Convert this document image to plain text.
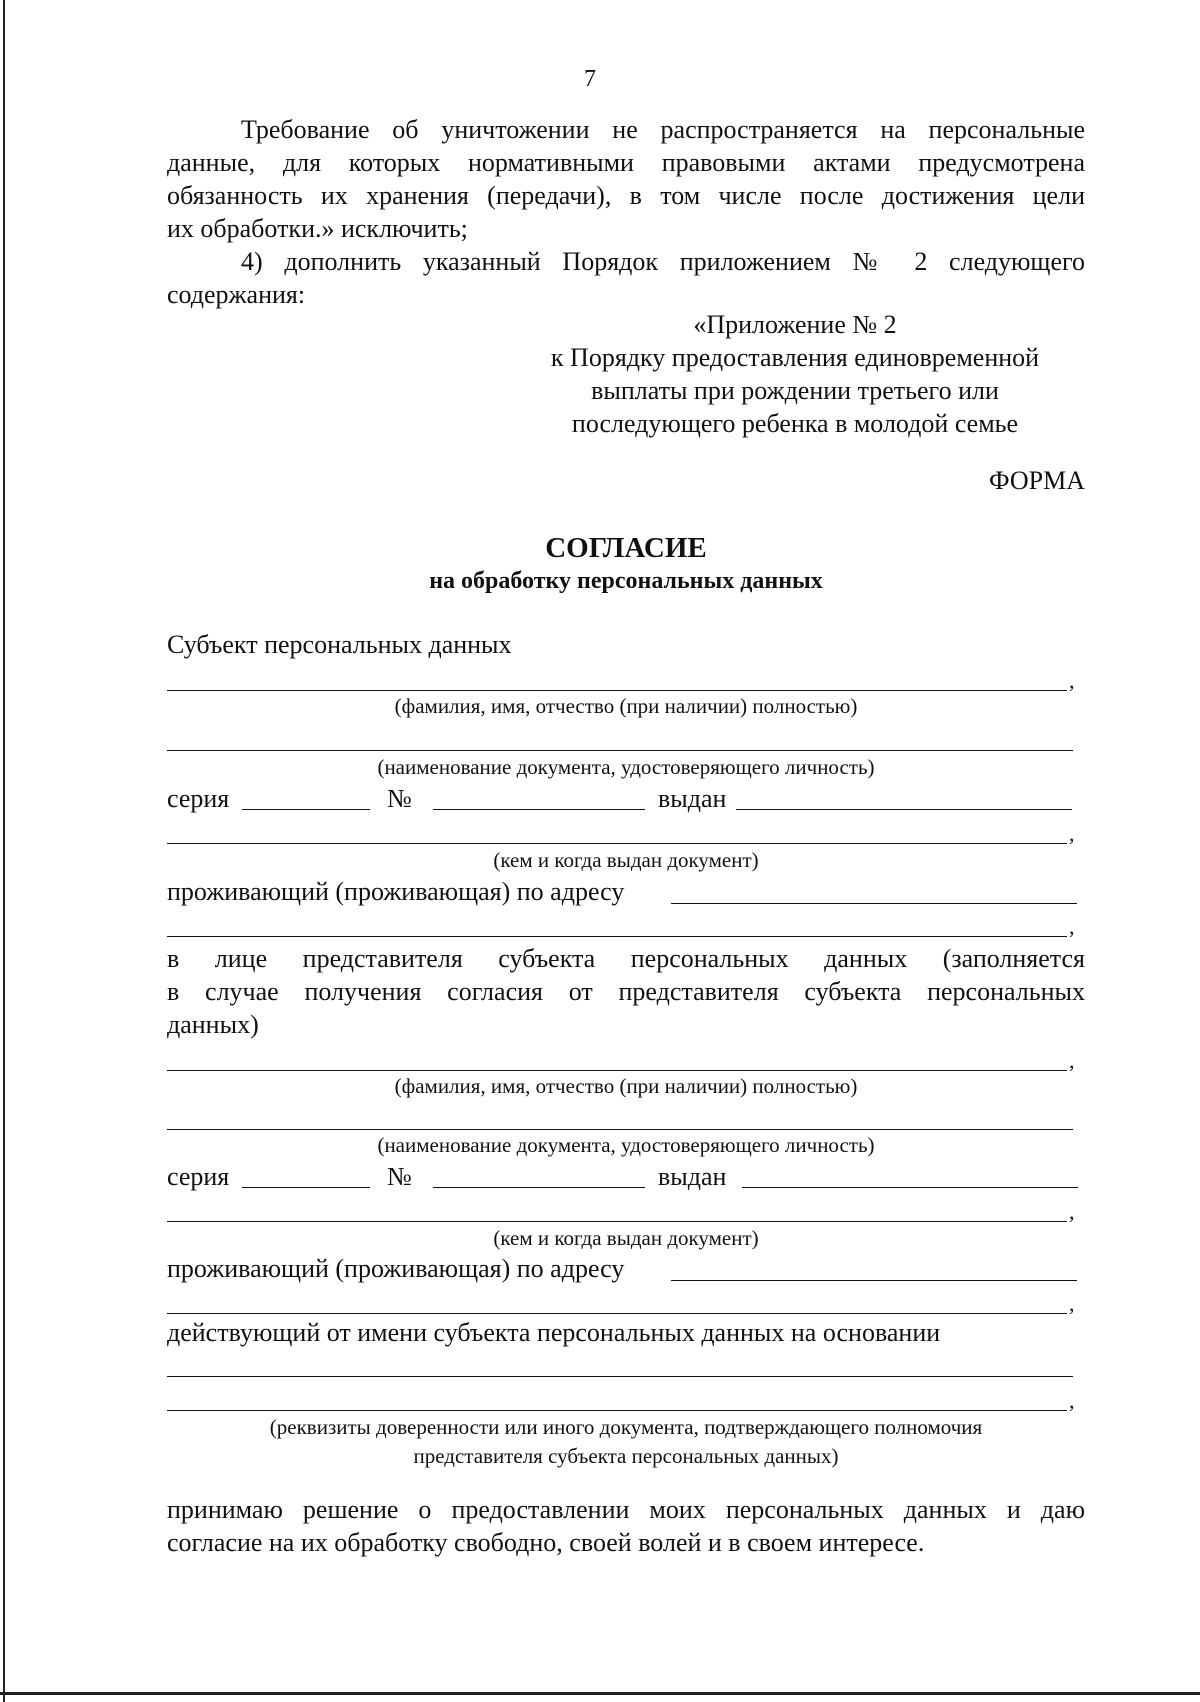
7
Требование об уничтожении не распространяется на персональные
данные, для которых нормативными правовыми актами предусмотрена
обязанность их хранения (передачи), в том числе после достижения цели
их обработки.» исключить;
4) дополнить указанный Порядок приложением № 2 следующего
содержания:
«Приложение № 2
к Порядку предоставления единовременной
выплаты при рождении третьего или
последующего ребенка в молодой семье
ФОРМА
СОГЛАСИЕ
на обработку персональных данных
Субъект персональных данных
,
(фамилия, имя, отчество (при наличии) полностью)
(наименование документа, удостоверяющего личность)
серия	№	выдан
,
(кем и когда выдан документ)
проживающий (проживающая) по адресу
,
в лице представителя субъекта персональных данных (заполняется
в случае получения согласия от представителя субъекта персональных
данных)
,
(фамилия, имя, отчество (при наличии) полностью)
(наименование документа, удостоверяющего личность)
серия	№	выдан
,
(кем и когда выдан документ)
проживающий (проживающая) по адресу
,
действующий от имени субъекта персональных данных на основании
,
(реквизиты доверенности или иного документа, подтверждающего полномочия
представителя субъекта персональных данных)
принимаю решение о предоставлении моих персональных данных и даю
согласие на их обработку свободно, своей волей и в своем интересе.
